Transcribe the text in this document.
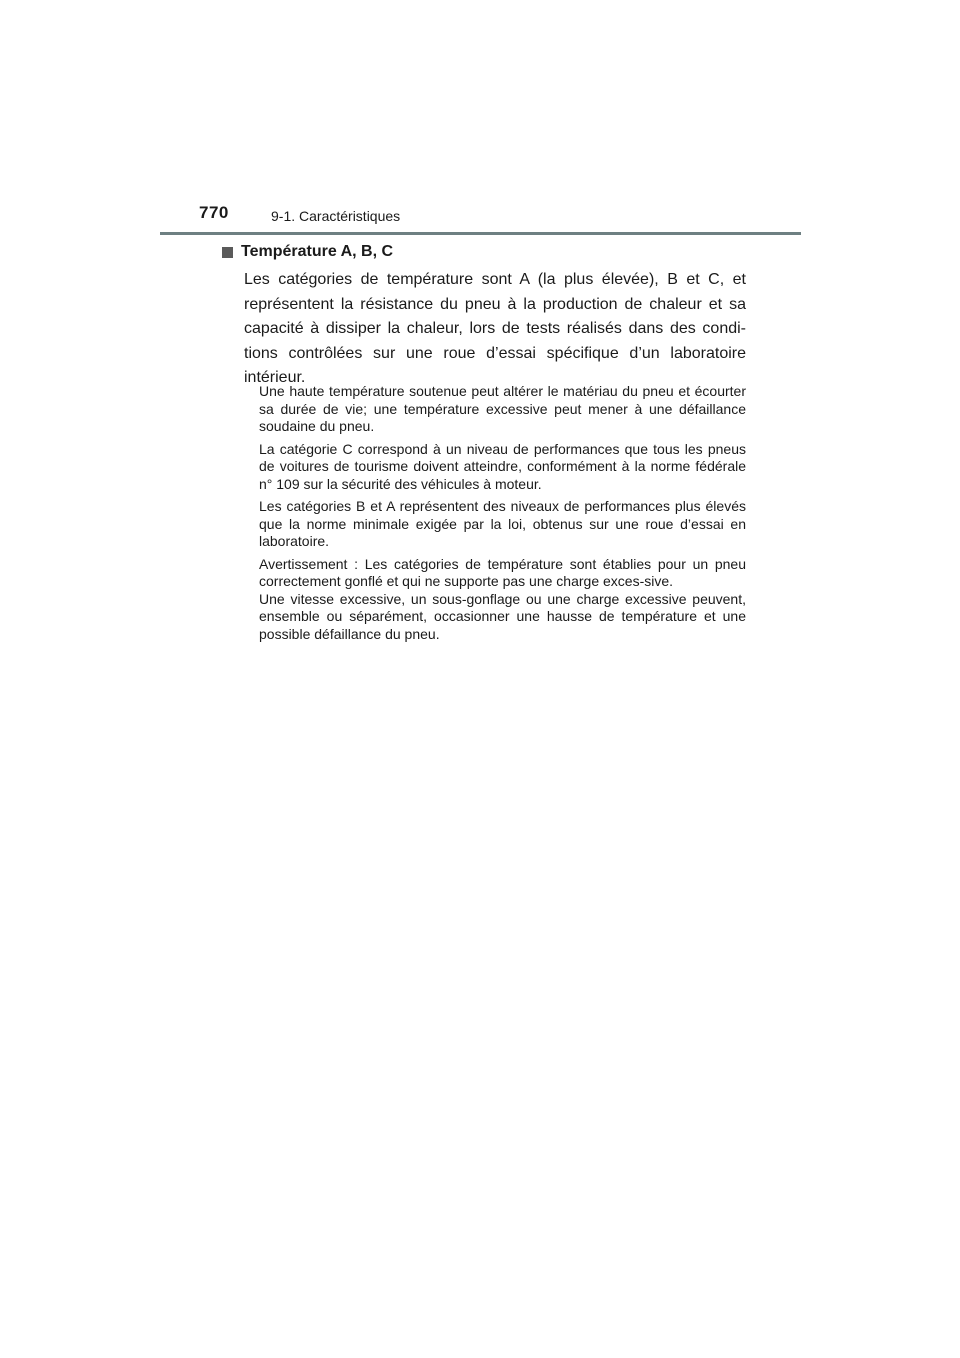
770	9-1. Caractéristiques
Température A, B, C
Les catégories de température sont A (la plus élevée), B et C, et représentent la résistance du pneu à la production de chaleur et sa capacité à dissiper la chaleur, lors de tests réalisés dans des condi-tions contrôlées sur une roue d’essai spécifique d’un laboratoire intérieur.

Une haute température soutenue peut altérer le matériau du pneu et écourter sa durée de vie; une température excessive peut mener à une défaillance soudaine du pneu.

La catégorie C correspond à un niveau de performances que tous les pneus de voitures de tourisme doivent atteindre, conformément à la norme fédérale n° 109 sur la sécurité des véhicules à moteur.

Les catégories B et A représentent des niveaux de performances plus élevés que la norme minimale exigée par la loi, obtenus sur une roue d’essai en laboratoire.

Avertissement : Les catégories de température sont établies pour un pneu correctement gonflé et qui ne supporte pas une charge exces-sive.

Une vitesse excessive, un sous-gonflage ou une charge excessive peuvent, ensemble ou séparément, occasionner une hausse de température et une possible défaillance du pneu.
